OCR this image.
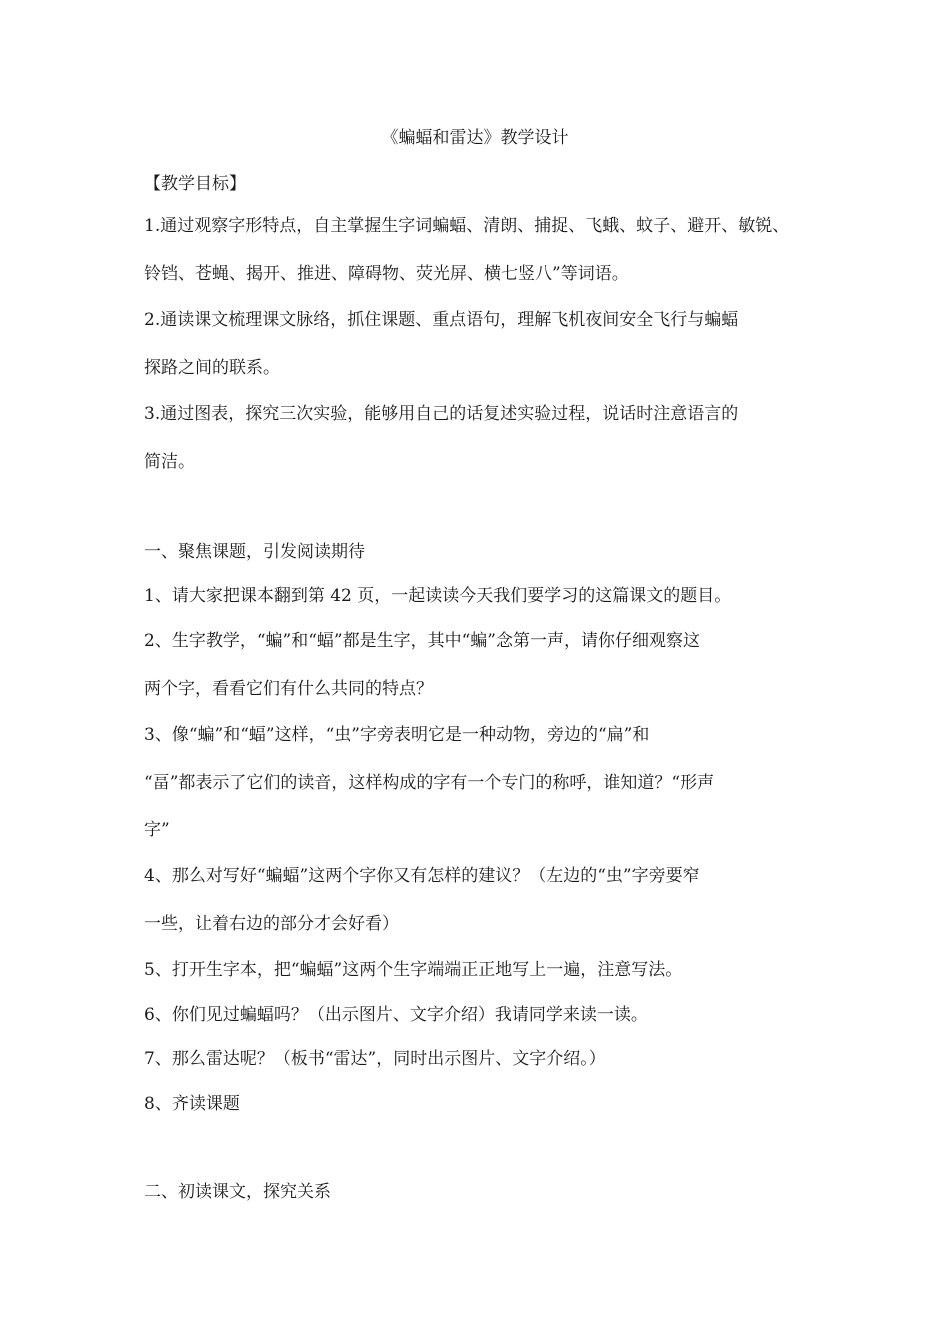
《蝙蝠和雷达》教学设计
【教学目标】
1.通过观察字形特点，自主掌握生字词蝙蝠、清朗、捕捉、飞蛾、蚊子、避开、敏锐、
铃铛、苍蝇、揭开、推进、障碍物、荧光屏、横七竖八”等词语。
2.通读课文梳理课文脉络，抓住课题、重点语句，理解飞机夜间安全飞行与蝙蝠
探路之间的联系。
3.通过图表，探究三次实验，能够用自己的话复述实验过程，说话时注意语言的
简洁。
一、聚焦课题，引发阅读期待
1、请大家把课本翻到第 42 页，一起读读今天我们要学习的这篇课文的题目。
2、生字教学，“蝙”和“蝠”都是生字，其中“蝙”念第一声，请你仔细观察这
两个字，看看它们有什么共同的特点？
3、像“蝙”和“蝠”这样，“虫”字旁表明它是一种动物，旁边的“扁”和
“畐”都表示了它们的读音，这样构成的字有一个专门的称呼，谁知道？“形声
字”
4、那么对写好“蝙蝠”这两个字你又有怎样的建议？（左边的“虫”字旁要窄
一些，让着右边的部分才会好看）
5、打开生字本，把“蝙蝠”这两个生字端端正正地写上一遍，注意写法。
6、你们见过蝙蝠吗？（出示图片、文字介绍）我请同学来读一读。
7、那么雷达呢？（板书“雷达”，同时出示图片、文字介绍。）
8、齐读课题
二、初读课文，探究关系
